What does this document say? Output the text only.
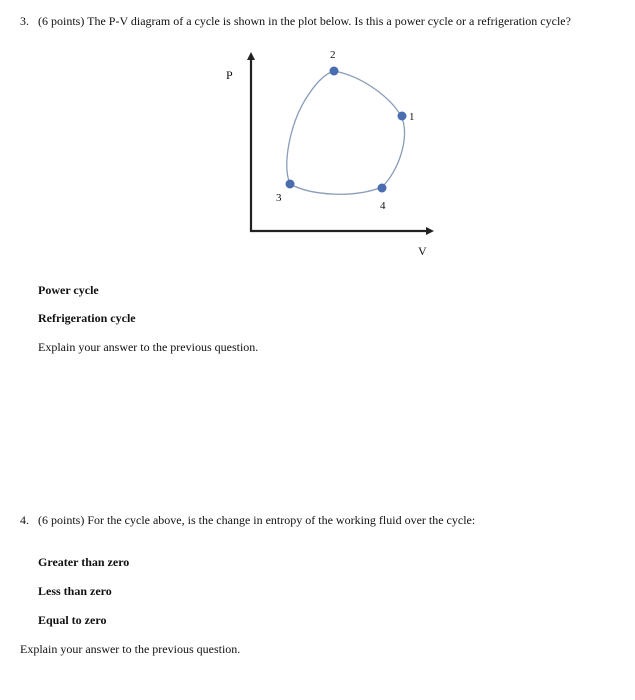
3. (6 points) The P-V diagram of a cycle is shown in the plot below. Is this a power cycle or a refrigeration cycle?
P
V
1
2
3
4
Power cycle
Refrigeration cycle
Explain your answer to the previous question.
4. (6 points) For the cycle above, is the change in entropy of the working fluid over the cycle:
Greater than zero
Less than zero
Equal to zero
Explain your answer to the previous question.
